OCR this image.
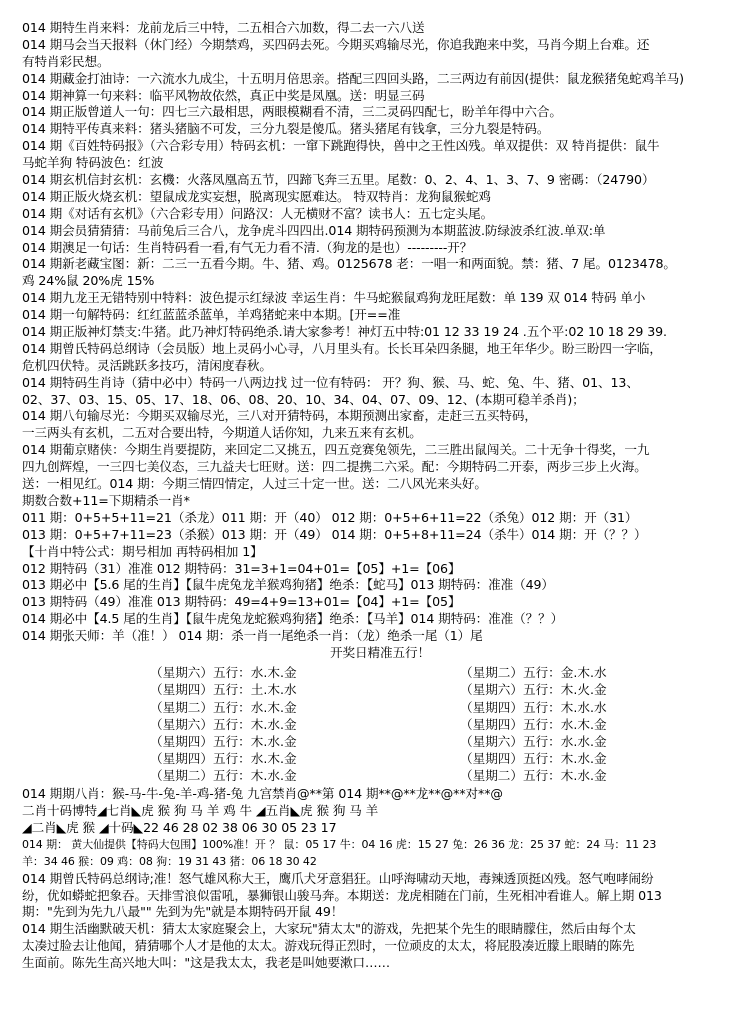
014 期特生肖来料：龙前龙后三中特，二五相合六加数，得二去一六八送
014 期马会当天报料（休门经）今期禁鸡，买四码去死。今期买鸡输尽光，你追我跑来中奖，马肖今期上台难。还
有特肖彩民想。
014 期藏金打油诗：一六流水九成尘，十五明月倍思亲。搭配三四回头路，二三两边有前因(提供：鼠龙猴猪兔蛇鸡羊马)
014 期神算一句来料：临平风物故依然，真正中奖是凤凰。送：明显三码
014 期正版曾道人一句：四七三六最相思，两眼模糊看不清，三二灵码四配七，盼羊年得中六合。
014 期特平传真来料：猪头猪脑不可发，三分九裂是傻瓜。猪头猪尾有钱拿，三分九裂是特码。
014 期《百姓特码报》（六合彩专用）特码玄机：一窜下跳跑得快，兽中之王性凶残。单双提供：双 特肖提供：鼠牛
马蛇羊狗 特码波色：红波
014 期玄机信封玄机：玄機：火落凤凰高五节，四蹄飞奔三五里。尾数：0、2、4、1、3、7、9 密碼：（24790）
014 期正版火烧玄机：望鼠成龙实妄想，脱离现实愿难达。 特双特肖：龙狗鼠猴蛇鸡
014 期《对话有玄机》（六合彩专用）问路汉：人无横财不富？读书人：五七定头尾。
014 期会员猜猜猜：马前兔后三合八，龙争虎斗四四出.014 期特码预测为本期蓝波.防绿波杀红波.单双:单
014 期澳足一句话：生肖特码看一看,有气无力看不清.（狗龙的是也）---------开？
014 期新老藏宝图：新：二三一五看今期。牛、猪、鸡。0125678 老：一唱一和两面貌。禁：猪、7 尾。0123478。
鸡 24%鼠 20%虎 15%
014 期九龙王无错特别中特料：波色提示红绿波 幸运生肖：牛马蛇猴鼠鸡狗龙旺尾数：单 139 双 014 特码 单小
014 期一句解特码：红红蓝蓝杀蓝单，羊鸡猪蛇来中本期。[开==准
014 期正版神灯禁支:牛猪。此乃神灯特码绝杀.请大家参考！神灯五中特:01 12 33 19 24 .五个平:02 10 18 29 39.
014 期曾氏特码总纲诗（会员版）地上灵码小心寻，八月里头有。长长耳朵四条腿，地王年华少。盼三盼四一字临，
危机四伏特。灵活跳跃多技巧，清闲度春秋。
014 期特码生肖诗（猜中必中）特码一八两边找 过一位有特码： 开？狗、猴、马、蛇、兔、牛、猪、01、13、
02、37、03、15、05、17、18、06、08、20、10、34、04、07、09、12、(本期可稳羊杀肖)；
014 期八句输尽光：今期买双输尽光，三八对开猜特码，本期预测出家畜，走赶三五买特码，
一三两头有玄机，二五对合要出特，今期道人话你知，九来五来有玄机。
014 期葡京赌侠：今期生肖要提防，来回定二又挑五，四五竞赛兔领先，二三胜出鼠闯关。二十无争十得奖，一九
四九创辉煌，一三四七美仪态，三九益夫七旺财。送：四二提携二六采。配：今期特码二开泰，两步三步上火海。
送：一相见红。014 期：今期三情四情定，人过三十定一世。送：二八风光来头好。
期数合数+11=下期精杀一肖*
011 期：0+5+5+11=21（杀龙）011 期：开（40） 012 期：0+5+6+11=22（杀兔）012 期：开（31）
013 期：0+5+7+11=23（杀猴）013 期：开（49） 014 期：0+5+8+11=24（杀牛）014 期：开（？？）
【十肖中特公式：期号相加 再特码相加 1】
012 期特码（31）准准 012 期特码：31=3+1=04+01=【05】+1=【06】
013 期必中【5.6 尾的生肖】【鼠牛虎兔龙羊猴鸡狗猪】绝杀：【蛇马】013 期特码：准准（49）
013 期特码（49）准准 013 期特码：49=4+9=13+01=【04】+1=【05】
014 期必中【4.5 尾的生肖】【鼠牛虎兔龙蛇猴鸡狗猪】绝杀：【马羊】014 期特码：准准（？？）
014 期张天师：羊（准！） 014 期：杀一肖一尾绝杀一肖：（龙）绝杀一尾（1）尾
开奖日精准五行！
014 期期八肖：猴-马-牛-兔-羊-鸡-猪-兔 九宫禁肖@**第 014 期**@**龙**@**对**@
二肖十码博特◢七肖◣虎 猴 狗 马 羊 鸡 牛 ◢五肖◣虎 猴 狗 马 羊
◢二肖◣虎 猴 ◢十码◣22 46 28 02 38 06 30 05 23 17
014 期： 黄大仙提供【特码大包围】100%准！开 ？ 鼠：05 17 牛：04 16 虎：15 27 兔：26 36 龙：25 37 蛇：24 马：11 23
羊：34 46 猴：09 鸡：08 狗：19 31 43 猪：06 18 30 42
014 期曾氏特码总纲诗;准！怒气雄风称大王，鹰爪犬牙意猖狂。山呼海啸动天地，毒辣透顶挺凶残。怒气咆哮闹纷
纷，优如蟒蛇把象吞。天排雪浪似雷吼，暴狮银山骏马奔。本期送：龙虎相随在门前，生死相冲看谁人。解上期 013
期："先到为先九八最"" 先到为先"就是本期特码开鼠 49！
014 期生活幽默破天机：猜太太家庭聚会上，大家玩"猜太太"的游戏，先把某个先生的眼睛朦住，然后由每个太
太凑过脸去让他闻，猜猜哪个人才是他的太太。游戏玩得正烈时，一位顽皮的太太，将屁股凑近朦上眼睛的陈先
生面前。陈先生高兴地大叫："这是我太太，我老是叫她要漱口……
（星期六）五行：水.木.金
（星期四）五行：土.木.水
（星期二）五行：水.木.金
（星期六）五行：木.水.金
（星期四）五行：木.水.金
（星期四）五行：水.木.金
（星期二）五行：木.水.金
（星期二）五行：金.木.水
（星期六）五行：木.火.金
（星期四）五行：木.水.水
（星期四）五行：水.木.金
（星期六）五行：水.水.金
（星期四）五行：木.水.金
（星期二）五行：木.水.金
